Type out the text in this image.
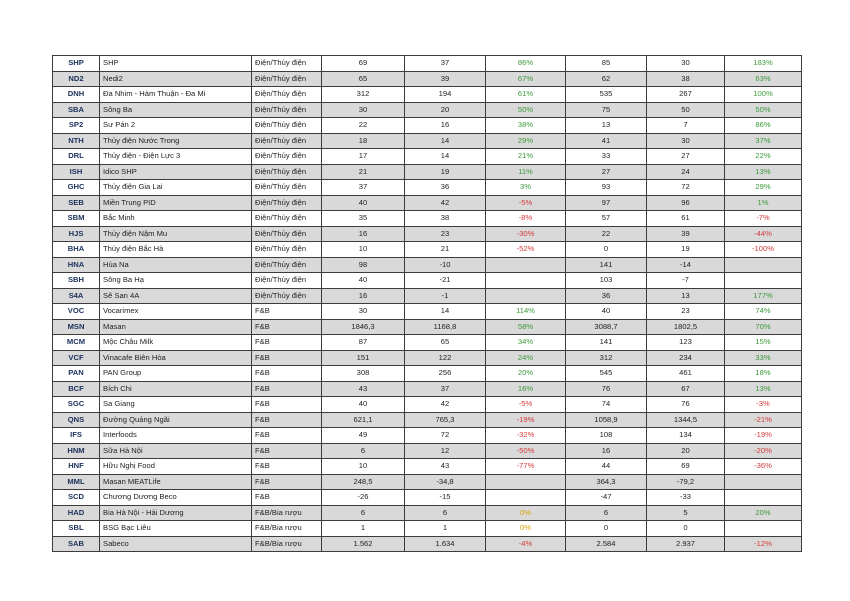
SHP	SHP	Điện/Thủy điện	69	37	86%	85	30	183%
ND2	Nedi2	Điện/Thủy điện	65	39	67%	62	38	63%
DNH	Đa Nhim - Hàm Thuận - Đa Mi	Điện/Thủy điện	312	194	61%	535	267	100%
SBA	Sông Ba	Điện/Thủy điện	30	20	50%	75	50	50%
SP2	Sư Pán 2	Điện/Thủy điện	22	16	38%	13	7	86%
NTH	Thủy điện Nước Trong	Điện/Thủy điện	18	14	29%	41	30	37%
DRL	Thủy điện - Điện Lực 3	Điện/Thủy điện	17	14	21%	33	27	22%
ISH	Idico SHP	Điện/Thủy điện	21	19	11%	27	24	13%
GHC	Thủy điện Gia Lai	Điện/Thủy điện	37	36	3%	93	72	29%
SEB	Miền Trung PID	Điện/Thủy điện	40	42	-5%	97	96	1%
SBM	Bắc Minh	Điện/Thủy điện	35	38	-8%	57	61	-7%
HJS	Thủy điện Nậm Mu	Điện/Thủy điện	16	23	-30%	22	39	-44%
BHA	Thủy điện Bắc Hà	Điện/Thủy điện	10	21	-52%	0	19	-100%
HNA	Hủa Na	Điện/Thủy điện	98	-10		141	-14	
SBH	Sông Ba Hạ	Điện/Thủy điện	40	-21		103	-7	
S4A	Sê San 4A	Điện/Thủy điện	16	-1		36	13	177%
VOC	Vocarimex	F&B	30	14	114%	40	23	74%
MSN	Masan	F&B	1846,3	1168,8	58%	3088,7	1802,5	70%
MCM	Mộc Châu Milk	F&B	87	65	34%	141	123	15%
VCF	Vinacafe Biên Hòa	F&B	151	122	24%	312	234	33%
PAN	PAN Group	F&B	308	256	20%	545	461	18%
BCF	Bích Chi	F&B	43	37	16%	76	67	13%
SGC	Sa Giang	F&B	40	42	-5%	74	76	-3%
QNS	Đường Quảng Ngãi	F&B	621,1	765,3	-19%	1058,9	1344,5	-21%
IFS	Interfoods	F&B	49	72	-32%	108	134	-19%
HNM	Sữa Hà Nội	F&B	6	12	-50%	16	20	-20%
HNF	Hữu Nghị Food	F&B	10	43	-77%	44	69	-36%
MML	Masan MEATLife	F&B	248,5	-34,8		364,3	-79,2	
SCD	Chương Dương Beco	F&B	-26	-15		-47	-33	
HAD	Bia Hà Nội - Hải Dương	F&B/Bia rượu	6	6	0%	6	5	20%
SBL	BSG Bạc Liêu	F&B/Bia rượu	1	1	0%	0	0	
SAB	Sabeco	F&B/Bia rượu	1.562	1.634	-4%	2.584	2.937	-12%
